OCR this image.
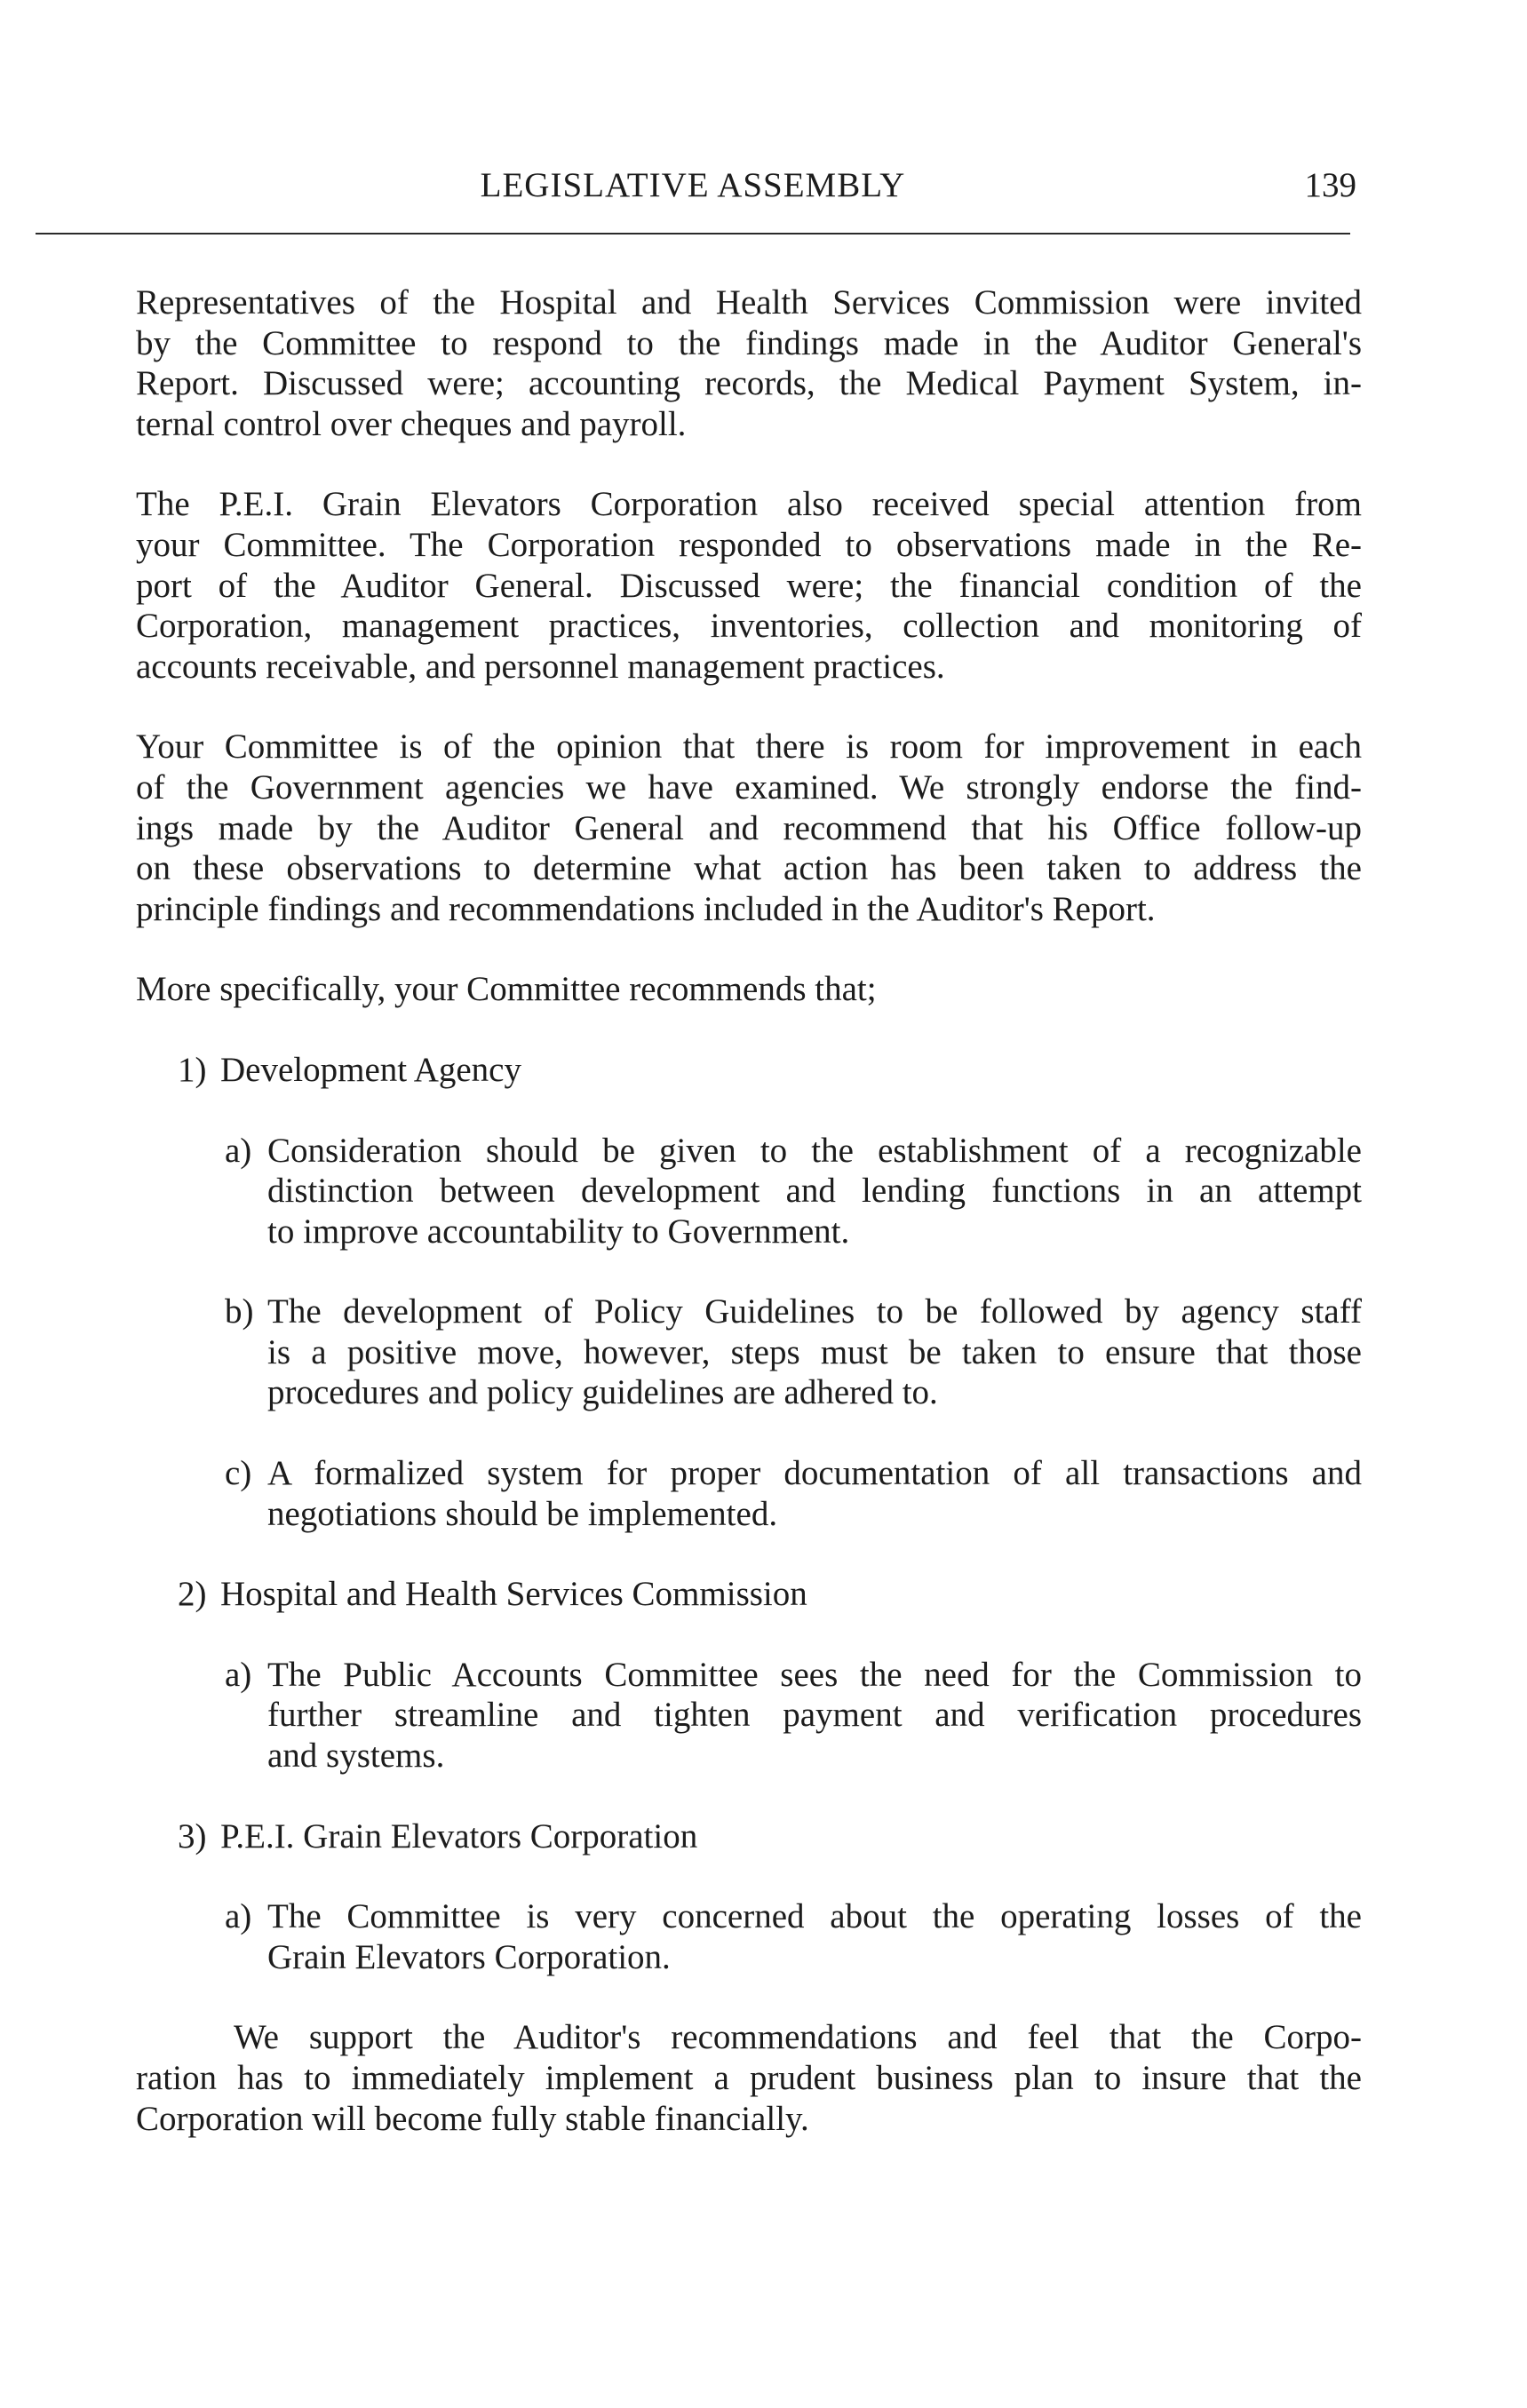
LEGISLATIVE ASSEMBLY	139
Representatives of the Hospital and Health Services Commission were invited
by the Committee to respond to the findings made in the Auditor General's
Report. Discussed were; accounting records, the Medical Payment System, in-
ternal control over cheques and payroll.
The P.E.I. Grain Elevators Corporation also received special attention from
your Committee. The Corporation responded to observations made in the Re-
port of the Auditor General. Discussed were; the financial condition of the
Corporation, management practices, inventories, collection and monitoring of
accounts receivable, and personnel management practices.
Your Committee is of the opinion that there is room for improvement in each
of the Government agencies we have examined. We strongly endorse the find-
ings made by the Auditor General and recommend that his Office follow-up
on these observations to determine what action has been taken to address the
principle findings and recommendations included in the Auditor's Report.
More specifically, your Committee recommends that;
1) Development Agency
a) Consideration should be given to the establishment of a recognizable
distinction between development and lending functions in an attempt
to improve accountability to Government.
b) The development of Policy Guidelines to be followed by agency staff
is a positive move, however, steps must be taken to ensure that those
procedures and policy guidelines are adhered to.
c) A formalized system for proper documentation of all transactions and
negotiations should be implemented.
2) Hospital and Health Services Commission
a) The Public Accounts Committee sees the need for the Commission to
further streamline and tighten payment and verification procedures
and systems.
3) P.E.I. Grain Elevators Corporation
a) The Committee is very concerned about the operating losses of the
Grain Elevators Corporation.
We support the Auditor's recommendations and feel that the Corpo-
ration has to immediately implement a prudent business plan to insure that the
Corporation will become fully stable financially.
